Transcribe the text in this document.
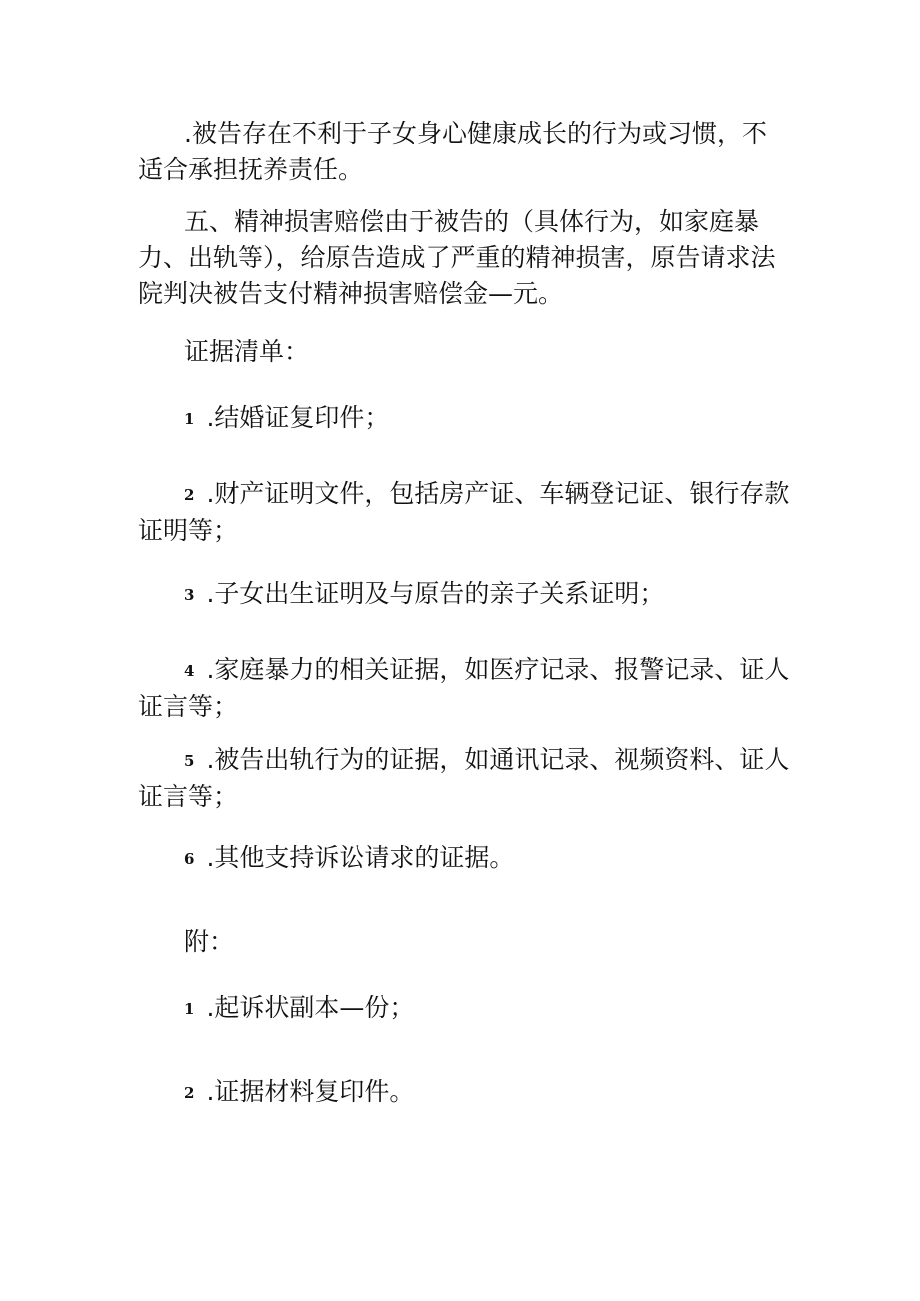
.被告存在不利于子女身心健康成长的行为或习惯，不适合承担抚养责任。

五、精神损害赔偿由于被告的（具体行为，如家庭暴力、出轨等），给原告造成了严重的精神损害，原告请求法院判决被告支付精神损害赔偿金—元。

证据清单：

1 .结婚证复印件；

2 .财产证明文件，包括房产证、车辆登记证、银行存款证明等；

3 .子女出生证明及与原告的亲子关系证明；

4 .家庭暴力的相关证据，如医疗记录、报警记录、证人证言等；

5 .被告出轨行为的证据，如通讯记录、视频资料、证人证言等；

6 .其他支持诉讼请求的证据。

附：

1 .起诉状副本—份；

2 .证据材料复印件。
